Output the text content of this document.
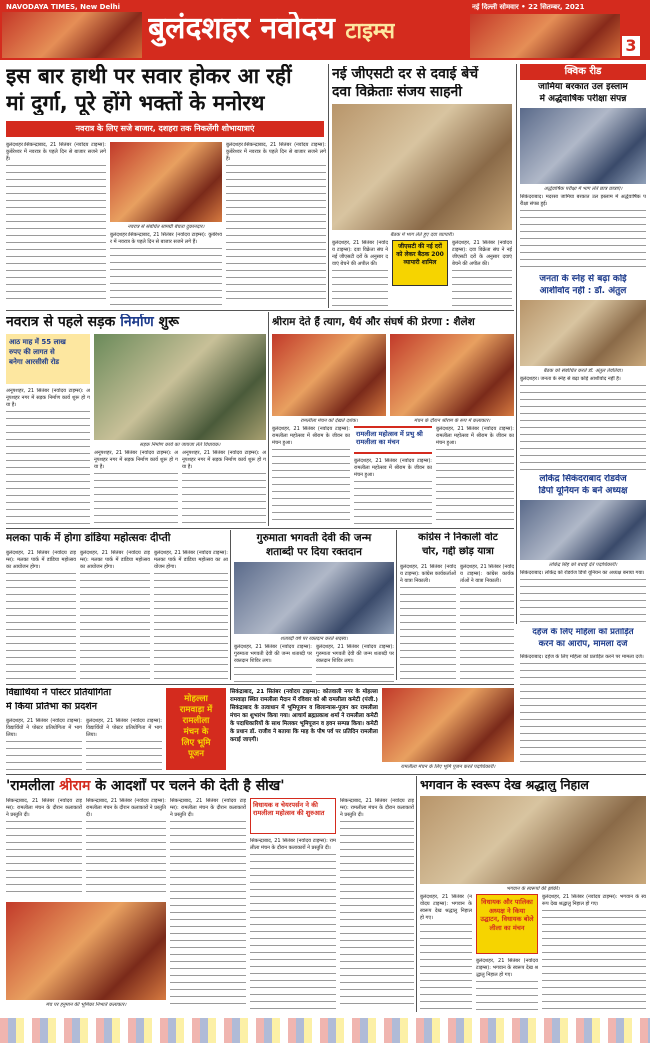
NAVODAYA TIMES, New Delhi
बुलंदशहर नवोदय टाइम्स
नई दिल्ली सोमवार • 22 सितम्बर, 2021
3
इस बार हाथी पर सवार होकर आ रहीं
मां दुर्गा, पूरे होंगे भक्तों के मनोरथ
नवरात्र के लिए सजे बाजार, दशहरा तक निकलेंगी शोभायात्राएं
बुलंदशहर।सिकन्द्राबाद, 21 सितंबर (नवोदय टाइम्स): कुबेरेश्वर में नवरात्र के पहले दिन से बाजार सजने लगे हैं।
नवरात्र से संबंधित सामग्री बेचता दुकानदार।
बुलंदशहर।सिकन्द्राबाद, 21 सितंबर (नवोदय टाइम्स): कुबेरेश्वर में नवरात्र के पहले दिन से बाजार सजने लगे हैं।
बुलंदशहर।सिकन्द्राबाद, 21 सितंबर (नवोदय टाइम्स): कुबेरेश्वर में नवरात्र के पहले दिन से बाजार सजने लगे हैं।
नई जीएसटी दर से दवाई बेचें
दवा विक्रेताः संजय साहनी
बैठक में भाग लेते हुए दवा व्यापारी।
बुलंदशहर, 21 सितंबर (नवोदय टाइम्स): दवा विक्रेता संघ ने नई जीएसटी दरों के अनुसार दवाएं बेचने की अपील की।
जीएसटी की नई दरों को लेकर बैठक 200 व्यापारी शामिल
बुलंदशहर, 21 सितंबर (नवोदय टाइम्स): दवा विक्रेता संघ ने नई जीएसटी दरों के अनुसार दवाएं बेचने की अपील की।
क्विक रीड
जामिया बरकात उल इस्लाम
में अर्द्धवार्षिक परीक्षा संपन्न
अर्द्धवार्षिक परीक्षा में भाग लेते छात्र छात्राएं।
सिकंदराबाद। मदरसा जामिया बरकात उल इस्लाम में अर्द्धवार्षिक परीक्षा संपन्न हुई।
जनता के स्नेह से बढ़ा कोई
आशीर्वाद नहीं : डॉ. अंतुल
बैठक को संबोधित करते डॉ. अंतुल तेवतिया।
बुलंदशहर। जनता के स्नेह से बढ़ा कोई आशीर्वाद नहीं है।
लोकेंद्र सिकंदराबाद रोडवेज
डिपो यूनियन के बने अध्यक्ष
लोकेंद्र सिंह को बधाई देते पदाधिकारी।
सिकंदराबाद। लोकेंद्र को रोडवेज डिपो यूनियन का अध्यक्ष बनाया गया।
नवरात्र से पहले सड़क निर्माण शुरू
आठ माह में 55 लाख
रुपए की लागत से
बनेगा आरसीसी रोड
सड़क निर्माण कार्य का जायजा लेते विधायक।
अनूपशहर, 21 सितंबर (नवोदय टाइम्स): अनूपशहर नगर में सड़क निर्माण कार्य शुरू हो गया है।
अनूपशहर, 21 सितंबर (नवोदय टाइम्स): अनूपशहर नगर में सड़क निर्माण कार्य शुरू हो गया है।
अनूपशहर, 21 सितंबर (नवोदय टाइम्स): अनूपशहर नगर में सड़क निर्माण कार्य शुरू हो गया है।
श्रीराम देते हैं त्याग, धैर्य और संघर्ष की प्रेरणा : शैलेश
रामलीला मंचन को देखते दर्शक।	मंचन के दौरान श्रीराम के रूप में कलाकार।
बुलंदशहर, 21 सितंबर (नवोदय टाइम्स): रामलीला महोत्सव में श्रीराम के जीवन का मंचन हुआ।
रामलीला महोत्सव में प्रभु श्री रामलीला का मंचन
बुलंदशहर, 21 सितंबर (नवोदय टाइम्स): रामलीला महोत्सव में श्रीराम के जीवन का मंचन हुआ।
बुलंदशहर, 21 सितंबर (नवोदय टाइम्स): रामलीला महोत्सव में श्रीराम के जीवन का मंचन हुआ।
मलका पार्क में होगा डांडिया महोत्सवः दीप्ती
बुलंदशहर, 21 सितंबर (नवोदय टाइम्स): मलका पार्क में डांडिया महोत्सव का आयोजन होगा।
बुलंदशहर, 21 सितंबर (नवोदय टाइम्स): मलका पार्क में डांडिया महोत्सव का आयोजन होगा।
बुलंदशहर, 21 सितंबर (नवोदय टाइम्स): मलका पार्क में डांडिया महोत्सव का आयोजन होगा।
गुरुमाता भगवती देवी की जन्म
शताब्दी पर दिया रक्तदान
शताब्दी वर्ष पर रक्तदान करते सदस्य।
बुलंदशहर, 21 सितंबर (नवोदय टाइम्स): गुरुमाता भगवती देवी की जन्म शताब्दी पर रक्तदान शिविर लगा।
बुलंदशहर, 21 सितंबर (नवोदय टाइम्स): गुरुमाता भगवती देवी की जन्म शताब्दी पर रक्तदान शिविर लगा।
कांग्रेस ने निकाली वोट
चोर, गद्दी छोड़ यात्रा
बुलंदशहर, 21 सितंबर (नवोदय टाइम्स): कांग्रेस कार्यकर्ताओं ने यात्रा निकाली।
बुलंदशहर, 21 सितंबर (नवोदय टाइम्स): कांग्रेस कार्यकर्ताओं ने यात्रा निकाली।
दहेज के लिए महिला को प्रताड़ित
करने का आरोप, मामला दर्ज
सिकंदराबाद। दहेज के लिए महिला को प्रताड़ित करने पर मामला दर्ज।
विद्यार्थियों ने पोस्टर प्रतियोगिता
में किया प्रतिभा का प्रदर्शन
बुलंदशहर, 21 सितंबर (नवोदय टाइम्स): विद्यार्थियों ने पोस्टर प्रतियोगिता में भाग लिया।
बुलंदशहर, 21 सितंबर (नवोदय टाइम्स): विद्यार्थियों ने पोस्टर प्रतियोगिता में भाग लिया।
मोहल्ला
रामवाड़ा में
रामलीला
मंचन के
लिए भूमि
पूजन
सिकंद्राबाद, 21 सितंबर (नवोदय टाइम्स): कोतवाली नगर के मोहल्ला रामवाड़ा स्थित रामलीला मैदान में रविवार को श्री रामलीला कमेटी (पंजी.) सिकंद्राबाद के तत्वाधान में भूमिपूजन व शिलान्यास-पूजन कर रामलीला मंचन का शुभारंभ किया गया। आचार्य ब्रह्मप्रकाश शर्मा ने रामलीला कमेटी के पदाधिकारियों के साथ मिलकर भूमिपूजन व हवन सम्पन्न किया। कमेटी के प्रधान डॉ. राजीव ने बताया कि माह के पौष पर्व पर प्रतिदिन रामलीला कराई जाएगी।
रामलीला मंचन के लिए भूमि पूजन करते पदाधिकारी।
'रामलीला श्रीराम के आदर्शों पर चलने की देती है सीख'
सिकन्द्राबाद, 21 सितंबर (नवोदय टाइम्स): रामलीला मंचन के दौरान कलाकारों ने प्रस्तुति दी।
सिकन्द्राबाद, 21 सितंबर (नवोदय टाइम्स): रामलीला मंचन के दौरान कलाकारों ने प्रस्तुति दी।
सिकन्द्राबाद, 21 सितंबर (नवोदय टाइम्स): रामलीला मंचन के दौरान कलाकारों ने प्रस्तुति दी।
विधायक व चेयरपर्सन ने की रामलीला महोत्सव की शुरुआत
सिकन्द्राबाद, 21 सितंबर (नवोदय टाइम्स): रामलीला मंचन के दौरान कलाकारों ने प्रस्तुति दी।
सिकन्द्राबाद, 21 सितंबर (नवोदय टाइम्स): रामलीला मंचन के दौरान कलाकारों ने प्रस्तुति दी।
मंच पर हनुमान की भूमिका निभाते कलाकार।
भगवान के स्वरूप देख श्रद्धालु निहाल
भगवान के स्वरूपों की झांकी।
बुलंदशहर, 21 सितंबर (नवोदय टाइम्स): भगवान के स्वरूप देख श्रद्धालु निहाल हो गए।
विधायक और पालिका अध्यक्ष ने किया उद्घाटन, विधायक बोले लीला का मंचन
बुलंदशहर, 21 सितंबर (नवोदय टाइम्स): भगवान के स्वरूप देख श्रद्धालु निहाल हो गए।
बुलंदशहर, 21 सितंबर (नवोदय टाइम्स): भगवान के स्वरूप देख श्रद्धालु निहाल हो गए।
